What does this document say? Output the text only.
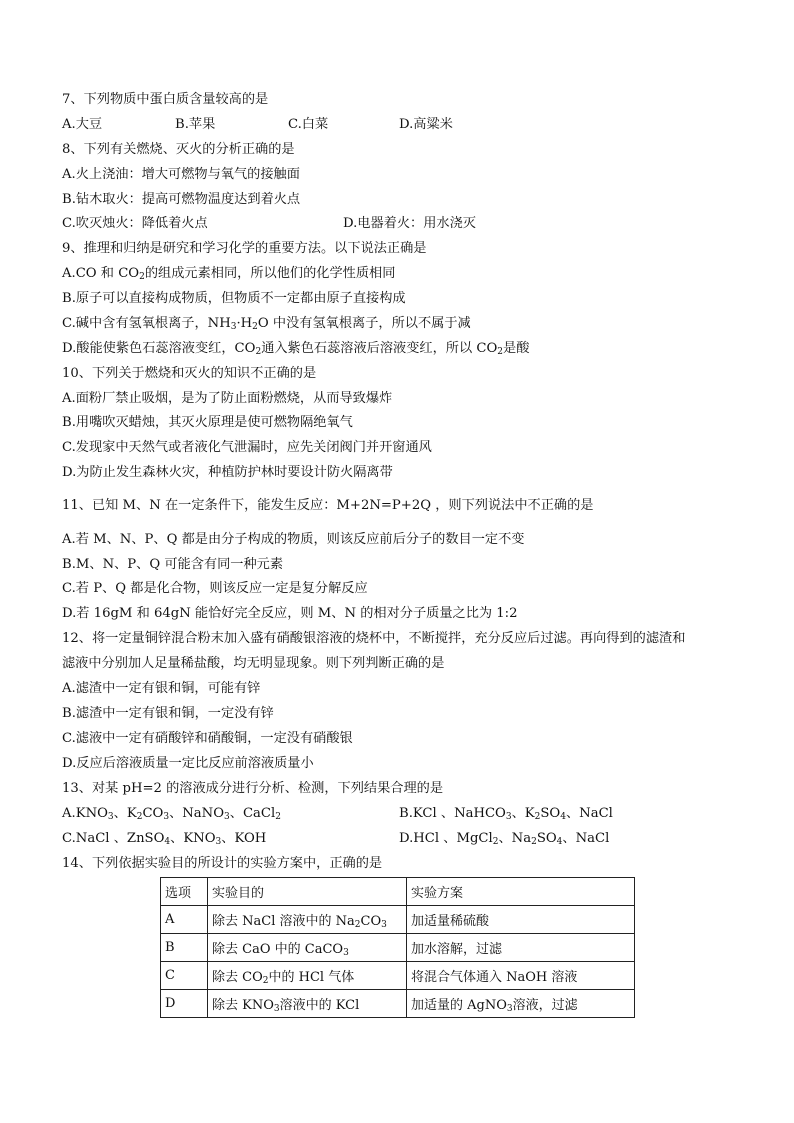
7、下列物质中蛋白质含量较高的是
A.大豆	B.苹果	C.白菜	D.高粱米
8、下列有关燃烧、灭火的分析正确的是
A.火上浇油：增大可燃物与氧气的接触面
B.钻木取火：提高可燃物温度达到着火点
C.吹灭烛火：降低着火点	D.电器着火：用水浇灭
9、推理和归纳是研究和学习化学的重要方法。以下说法正确是
A.CO 和 $CO_2$的组成元素相同，所以他们的化学性质相同
B.原子可以直接构成物质，但物质不一定都由原子直接构成
C.碱中含有氢氧根离子，$NH_3\cdot H_2O$ 中没有氢氧根离子，所以不属于减
D.酸能使紫色石蕊溶液变红，$CO_2$通入紫色石蕊溶液后溶液变红，所以 $CO_2$是酸
10、下列关于燃烧和灭火的知识不正确的是
A.面粉厂禁止吸烟，是为了防止面粉燃烧，从而导致爆炸
B.用嘴吹灭蜡烛，其灭火原理是使可燃物隔绝氧气
C.发现家中天然气或者液化气泄漏时，应先关闭阀门并开窗通风
D.为防止发生森林火灾，种植防护林时要设计防火隔离带
11、已知 M、N 在一定条件下，能发生反应：M+2N=P+2Q ，则下列说法中不正确的是
A.若 M、N、P、Q 都是由分子构成的物质，则该反应前后分子的数目一定不变
B.M、N、P、Q 可能含有同一种元素
C.若 P、Q 都是化合物，则该反应一定是复分解反应
D.若 16gM 和 64gN 能恰好完全反应，则 M、N 的相对分子质量之比为 1:2
12、将一定量铜锌混合粉末加入盛有硝酸银溶液的烧杯中，不断搅拌，充分反应后过滤。再向得到的滤渣和
滤液中分别加人足量稀盐酸，均无明显现象。则下列判断正确的是
A.滤渣中一定有银和铜，可能有锌
B.滤渣中一定有银和铜，一定没有锌
C.滤液中一定有硝酸锌和硝酸铜，一定没有硝酸银
D.反应后溶液质量一定比反应前溶液质量小
13、对某 pH=2 的溶液成分进行分析、检测，下列结果合理的是
$A.KNO_3$、$K_2CO_3$、NaNO$_3$、CaCl$_2$	B.KCl 、NaHCO$_3$、$K_2SO_4$、NaCl
C.NaCl 、ZnSO$_4$、$KNO_3$、KOH	D.HCl 、MgCl$_2$、$Na_2SO_4$、NaCl
14、下列依据实验目的所设计的实验方案中，正确的是
选项	实验目的	实验方案
A	除去 NaCl 溶液中的 $Na_2CO_3$	加适量稀硫酸
B	除去 CaO 中的 CaCO$_3$	加水溶解，过滤
C	除去 $CO_2$中的 HCl 气体	将混合气体通入 NaOH 溶液
D	除去 $KNO_3$溶液中的 KCl	加适量的 AgNO$_3$溶液，过滤
